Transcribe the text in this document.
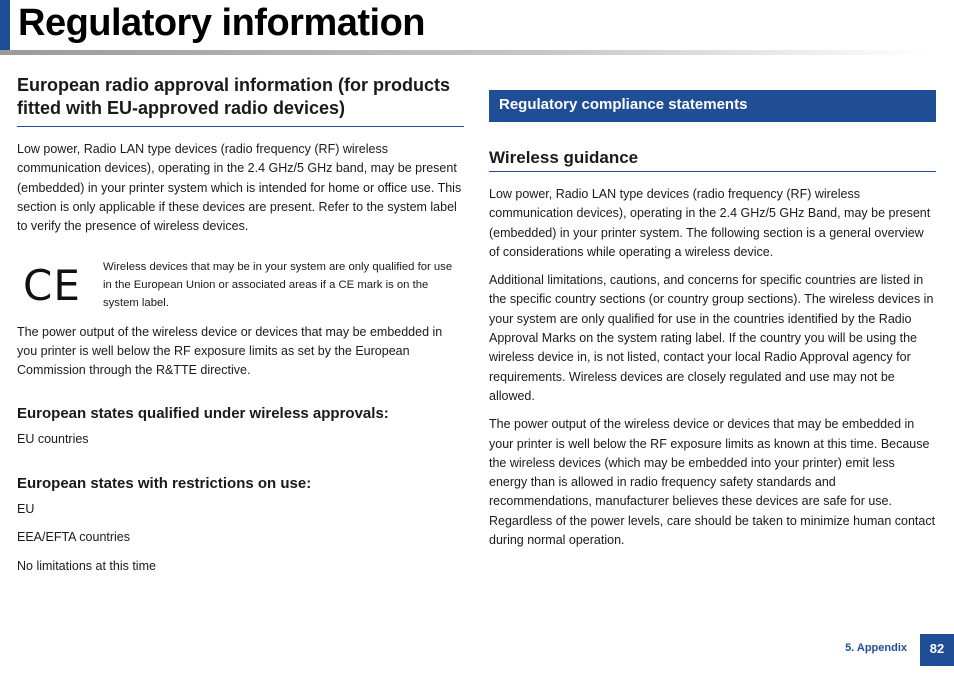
Regulatory information
European radio approval information (for products fitted with EU-approved radio devices)

Low power, Radio LAN type devices (radio frequency (RF) wireless communication devices), operating in the 2.4 GHz/5 GHz band, may be present (embedded) in your printer system which is intended for home or office use. This section is only applicable if these devices are present. Refer to the system label to verify the presence of wireless devices.

CE	Wireless devices that may be in your system are only qualified for use in the European Union or associated areas if a CE mark is on the system label.

The power output of the wireless device or devices that may be embedded in you printer is well below the RF exposure limits as set by the European Commission through the R&TTE directive.

European states qualified under wireless approvals:

EU countries

European states with restrictions on use:

EU

EEA/EFTA countries

No limitations at this time

Regulatory compliance statements
Wireless guidance

Low power, Radio LAN type devices (radio frequency (RF) wireless communication devices), operating in the 2.4 GHz/5 GHz Band, may be present (embedded) in your printer system. The following section is a general overview of considerations while operating a wireless device.

Additional limitations, cautions, and concerns for specific countries are listed in the specific country sections (or country group sections). The wireless devices in your system are only qualified for use in the countries identified by the Radio Approval Marks on the system rating label. If the country you will be using the wireless device in, is not listed, contact your local Radio Approval agency for requirements. Wireless devices are closely regulated and use may not be allowed.

The power output of the wireless device or devices that may be embedded in your printer is well below the RF exposure limits as known at this time. Because the wireless devices (which may be embedded into your printer) emit less energy than is allowed in radio frequency safety standards and recommendations, manufacturer believes these devices are safe for use. Regardless of the power levels, care should be taken to minimize human contact during normal operation.

5. Appendix	82
